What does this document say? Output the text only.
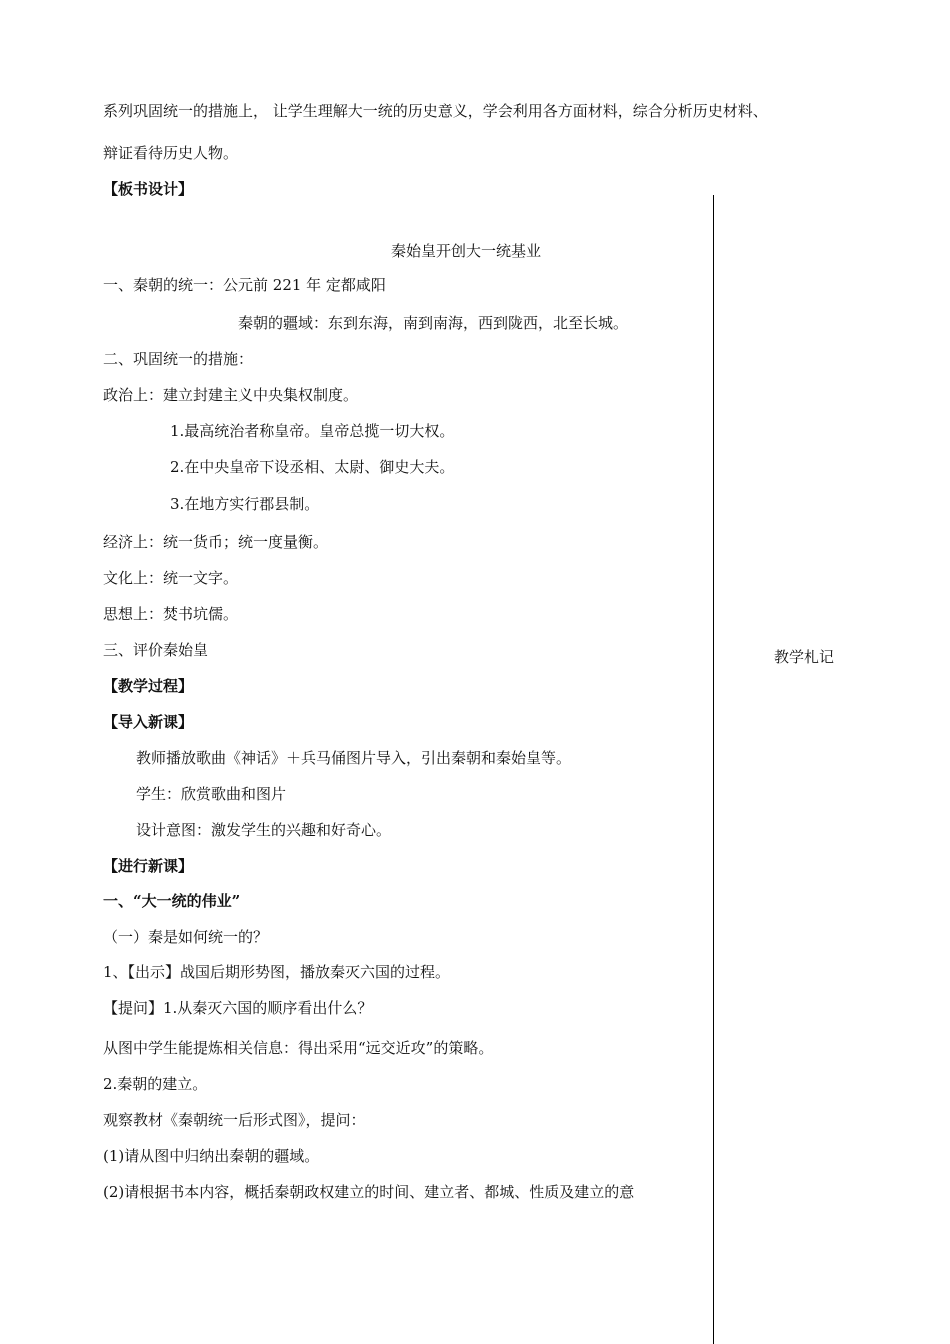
系列巩固统一的措施上， 让学生理解大一统的历史意义，学会利用各方面材料，综合分析历史材料、
辩证看待历史人物。
【板书设计】
秦始皇开创大一统基业
一、秦朝的统一：公元前 221 年 定都咸阳
秦朝的疆域：东到东海，南到南海，西到陇西，北至长城。
二、巩固统一的措施：
政治上：建立封建主义中央集权制度。
1.最高统治者称皇帝。皇帝总揽一切大权。
2.在中央皇帝下设丞相、太尉、御史大夫。
3.在地方实行郡县制。
经济上：统一货币；统一度量衡。
文化上：统一文字。
思想上：焚书坑儒。
三、评价秦始皇	教学札记
【教学过程】
【导入新课】
教师播放歌曲《神话》＋兵马俑图片导入，引出秦朝和秦始皇等。
学生：欣赏歌曲和图片
设计意图：激发学生的兴趣和好奇心。
【进行新课】
一、“大一统的伟业”
（一）秦是如何统一的？
1、【出示】战国后期形势图，播放秦灭六国的过程。
【提问】1.从秦灭六国的顺序看出什么？
从图中学生能提炼相关信息：得出采用“远交近攻”的策略。
2.秦朝的建立。
观察教材《秦朝统一后形式图》，提问：
(1)请从图中归纳出秦朝的疆域。
(2)请根据书本内容，概括秦朝政权建立的时间、建立者、都城、性质及建立的意
